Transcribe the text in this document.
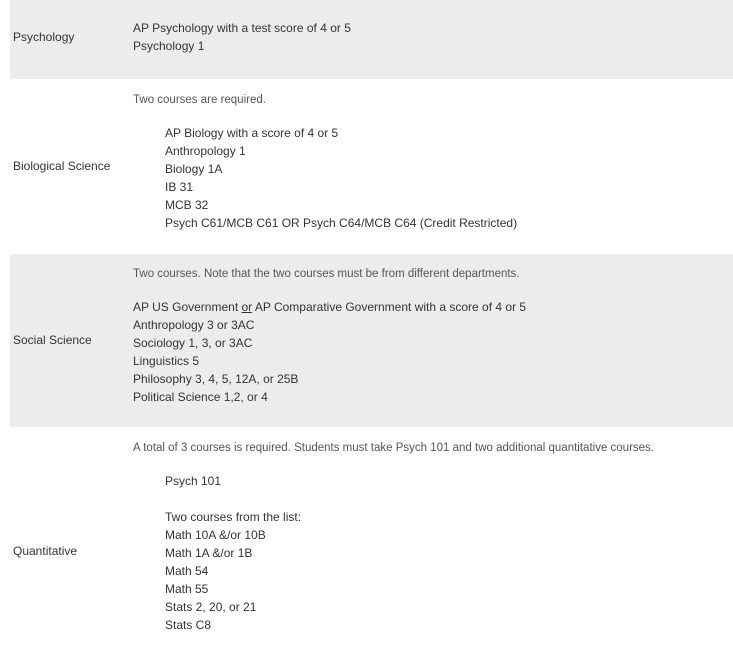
Psychology
AP Psychology with a test score of 4 or 5
Psychology 1
Biological Science
Two courses are required.
AP Biology with a score of 4 or 5
Anthropology 1
Biology 1A
IB 31
MCB 32
Psych C61/MCB C61 OR Psych C64/MCB C64 (Credit Restricted)
Social Science
Two courses. Note that the two courses must be from different departments.
AP US Government or AP Comparative Government with a score of 4 or 5
Anthropology 3 or 3AC
Sociology 1, 3, or 3AC
Linguistics 5
Philosophy 3, 4, 5, 12A, or 25B
Political Science 1,2, or 4
Quantitative
A total of 3 courses is required. Students must take Psych 101 and two additional quantitative courses.
Psych 101
Two courses from the list:
Math 10A &/or 10B
Math 1A &/or 1B
Math 54
Math 55
Stats 2, 20, or 21
Stats C8
